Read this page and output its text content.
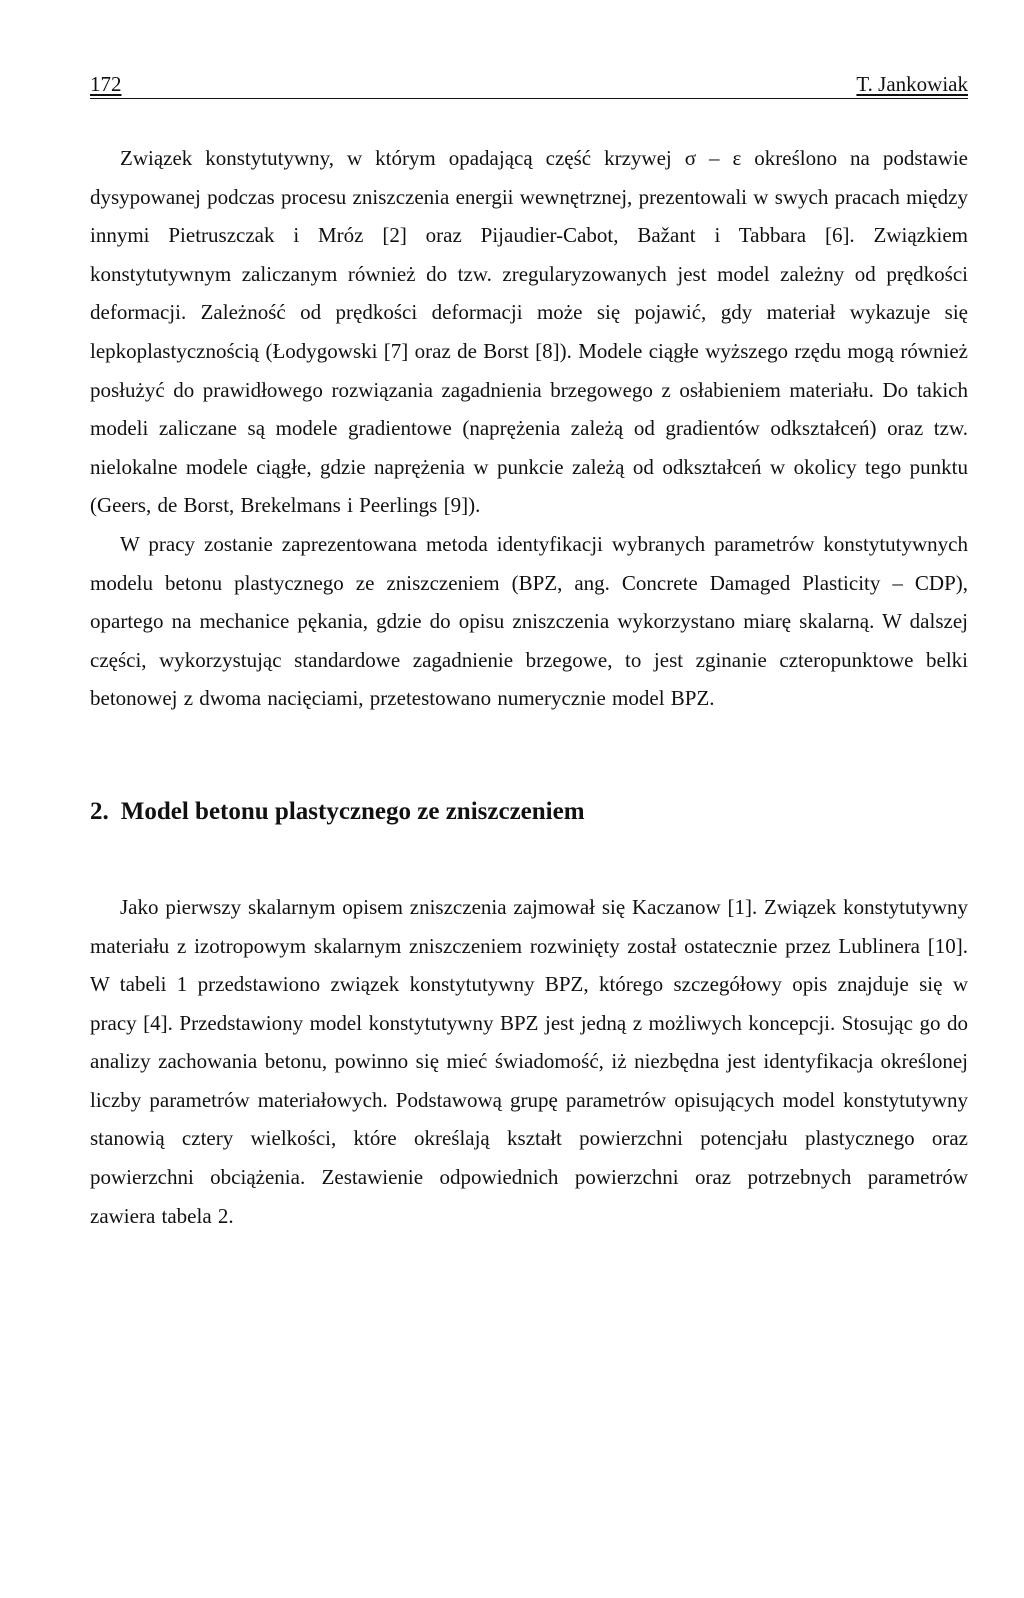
172	T. Jankowiak

Związek konstytutywny, w którym opadającą część krzywej σ – ε określono na podstawie dysypowanej podczas procesu zniszczenia energii wewnętrznej, prezentowali w swych pracach między innymi Pietruszczak i Mróz [2] oraz Pijaudier-Cabot, Bažant i Tabbara [6]. Związkiem konstytutywnym zaliczanym również do tzw. zregularyzowanych jest model zależny od prędkości deformacji. Zależność od prędkości deformacji może się pojawić, gdy materiał wykazuje się lepkoplastycznością (Łodygowski [7] oraz de Borst [8]). Modele ciągłe wyższego rzędu mogą również posłużyć do prawidłowego rozwiązania zagadnienia brzegowego z osłabieniem materiału. Do takich modeli zaliczane są modele gradientowe (naprężenia zależą od gradientów odkształceń) oraz tzw. nielokalne modele ciągłe, gdzie naprężenia w punkcie zależą od odkształceń w okolicy tego punktu (Geers, de Borst, Brekelmans i Peerlings [9]).

W pracy zostanie zaprezentowana metoda identyfikacji wybranych parametrów konstytutywnych modelu betonu plastycznego ze zniszczeniem (BPZ, ang. Concrete Damaged Plasticity – CDP), opartego na mechanice pękania, gdzie do opisu zniszczenia wykorzystano miarę skalarną. W dalszej części, wykorzystując standardowe zagadnienie brzegowe, to jest zginanie czteropunktowe belki betonowej z dwoma nacięciami, przetestowano numerycznie model BPZ.

2. Model betonu plastycznego ze zniszczeniem

Jako pierwszy skalarnym opisem zniszczenia zajmował się Kaczanow [1]. Związek konstytutywny materiału z izotropowym skalarnym zniszczeniem rozwinięty został ostatecznie przez Lublinera [10]. W tabeli 1 przedstawiono związek konstytutywny BPZ, którego szczegółowy opis znajduje się w pracy [4]. Przedstawiony model konstytutywny BPZ jest jedną z możliwych koncepcji. Stosując go do analizy zachowania betonu, powinno się mieć świadomość, iż niezbędna jest identyfikacja określonej liczby parametrów materiałowych. Podstawową grupę parametrów opisujących model konstytutywny stanowią cztery wielkości, które określają kształt powierzchni potencjału plastycznego oraz powierzchni obciążenia. Zestawienie odpowiednich powierzchni oraz potrzebnych parametrów zawiera tabela 2.
